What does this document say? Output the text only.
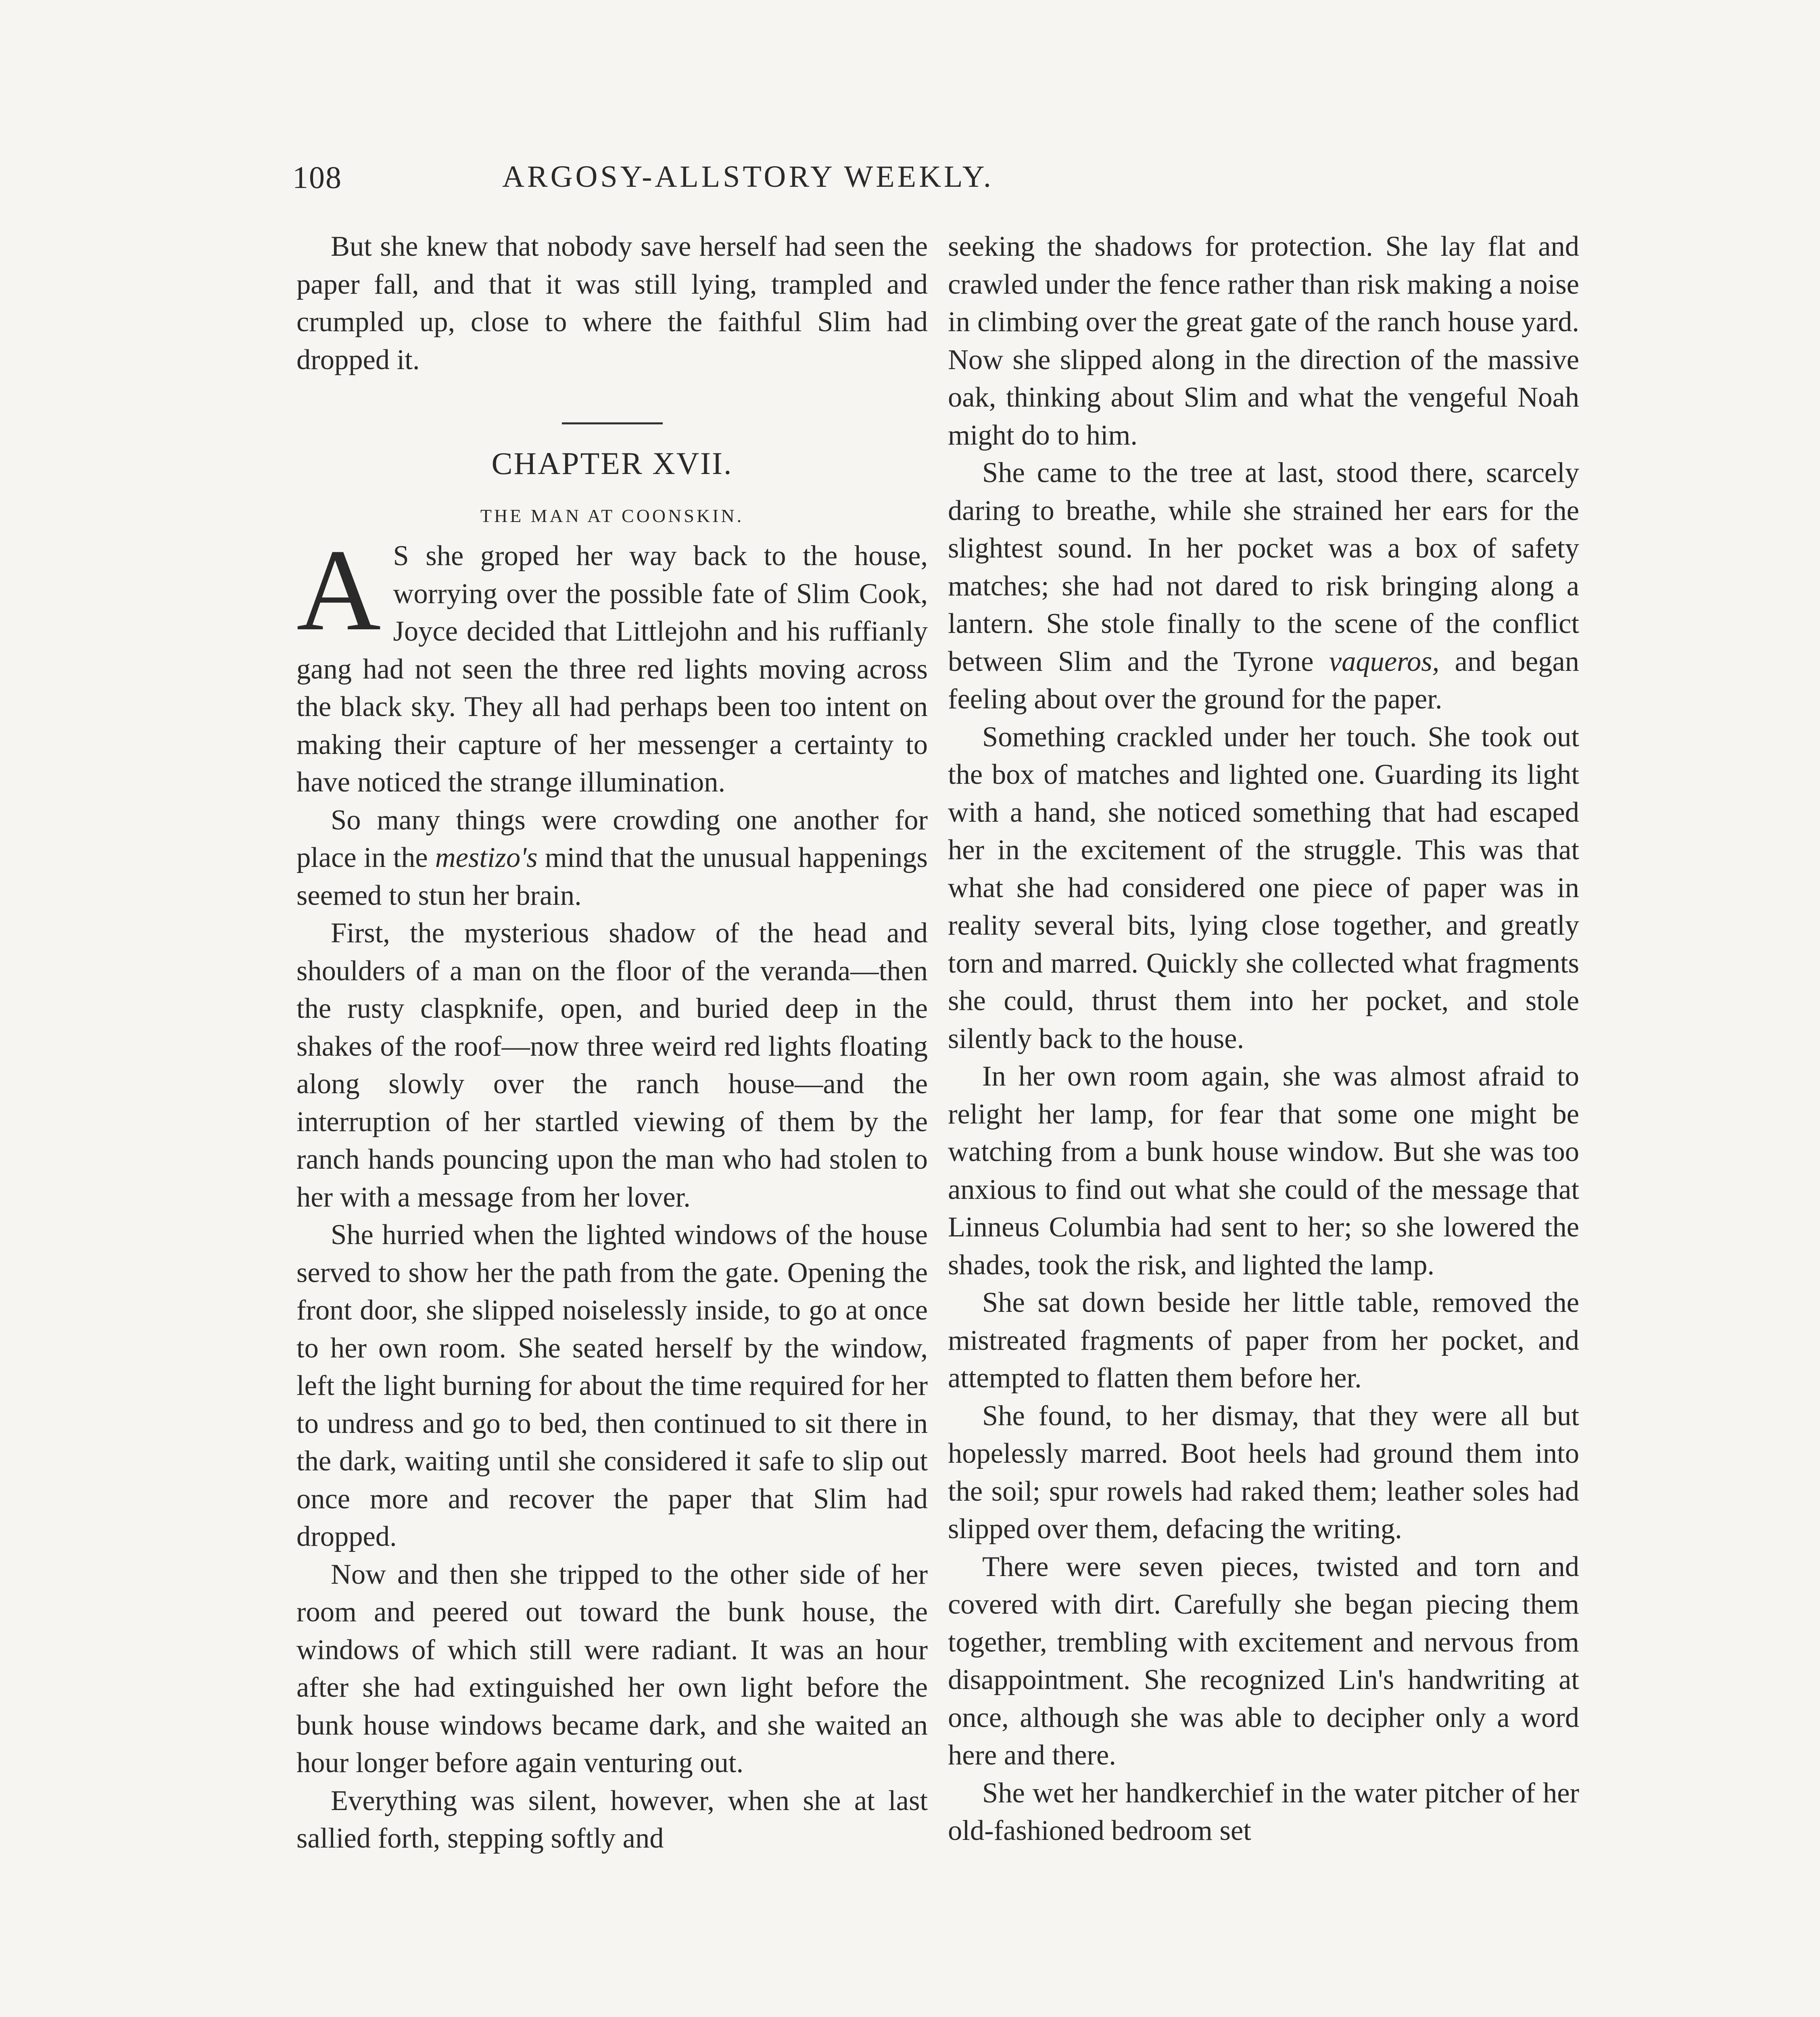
108	ARGOSY-ALLSTORY WEEKLY.

But she knew that nobody save herself had seen the paper fall, and that it was still lying, trampled and crumpled up, close to where the faithful Slim had dropped it.

CHAPTER XVII.
THE MAN AT COONSKIN.

A S she groped her way back to the house, worrying over the possible fate of Slim Cook, Joyce decided that Littlejohn and his ruffianly gang had not seen the three red lights moving across the black sky. They all had perhaps been too intent on making their capture of her messenger a certainty to have noticed the strange illumination.

So many things were crowding one another for place in the mestizo's mind that the unusual happenings seemed to stun her brain.

First, the mysterious shadow of the head and shoulders of a man on the floor of the veranda—then the rusty claspknife, open, and buried deep in the shakes of the roof—now three weird red lights floating along slowly over the ranch house—and the interruption of her startled viewing of them by the ranch hands pouncing upon the man who had stolen to her with a message from her lover.

She hurried when the lighted windows of the house served to show her the path from the gate. Opening the front door, she slipped noiselessly inside, to go at once to her own room. She seated herself by the window, left the light burning for about the time required for her to undress and go to bed, then continued to sit there in the dark, waiting until she considered it safe to slip out once more and recover the paper that Slim had dropped.

Now and then she tripped to the other side of her room and peered out toward the bunk house, the windows of which still were radiant. It was an hour after she had extinguished her own light before the bunk house windows became dark, and she waited an hour longer before again venturing out.

Everything was silent, however, when she at last sallied forth, stepping softly and

seeking the shadows for protection. She lay flat and crawled under the fence rather than risk making a noise in climbing over the great gate of the ranch house yard. Now she slipped along in the direction of the massive oak, thinking about Slim and what the vengeful Noah might do to him.

She came to the tree at last, stood there, scarcely daring to breathe, while she strained her ears for the slightest sound. In her pocket was a box of safety matches; she had not dared to risk bringing along a lantern. She stole finally to the scene of the conflict between Slim and the Tyrone vaqueros, and began feeling about over the ground for the paper.

Something crackled under her touch. She took out the box of matches and lighted one. Guarding its light with a hand, she noticed something that had escaped her in the excitement of the struggle. This was that what she had considered one piece of paper was in reality several bits, lying close together, and greatly torn and marred. Quickly she collected what fragments she could, thrust them into her pocket, and stole silently back to the house.

In her own room again, she was almost afraid to relight her lamp, for fear that some one might be watching from a bunk house window. But she was too anxious to find out what she could of the message that Linneus Columbia had sent to her; so she lowered the shades, took the risk, and lighted the lamp.

She sat down beside her little table, removed the mistreated fragments of paper from her pocket, and attempted to flatten them before her.

She found, to her dismay, that they were all but hopelessly marred. Boot heels had ground them into the soil; spur rowels had raked them; leather soles had slipped over them, defacing the writing.

There were seven pieces, twisted and torn and covered with dirt. Carefully she began piecing them together, trembling with excitement and nervous from disappointment. She recognized Lin's handwriting at once, although she was able to decipher only a word here and there.

She wet her handkerchief in the water pitcher of her old-fashioned bedroom set
